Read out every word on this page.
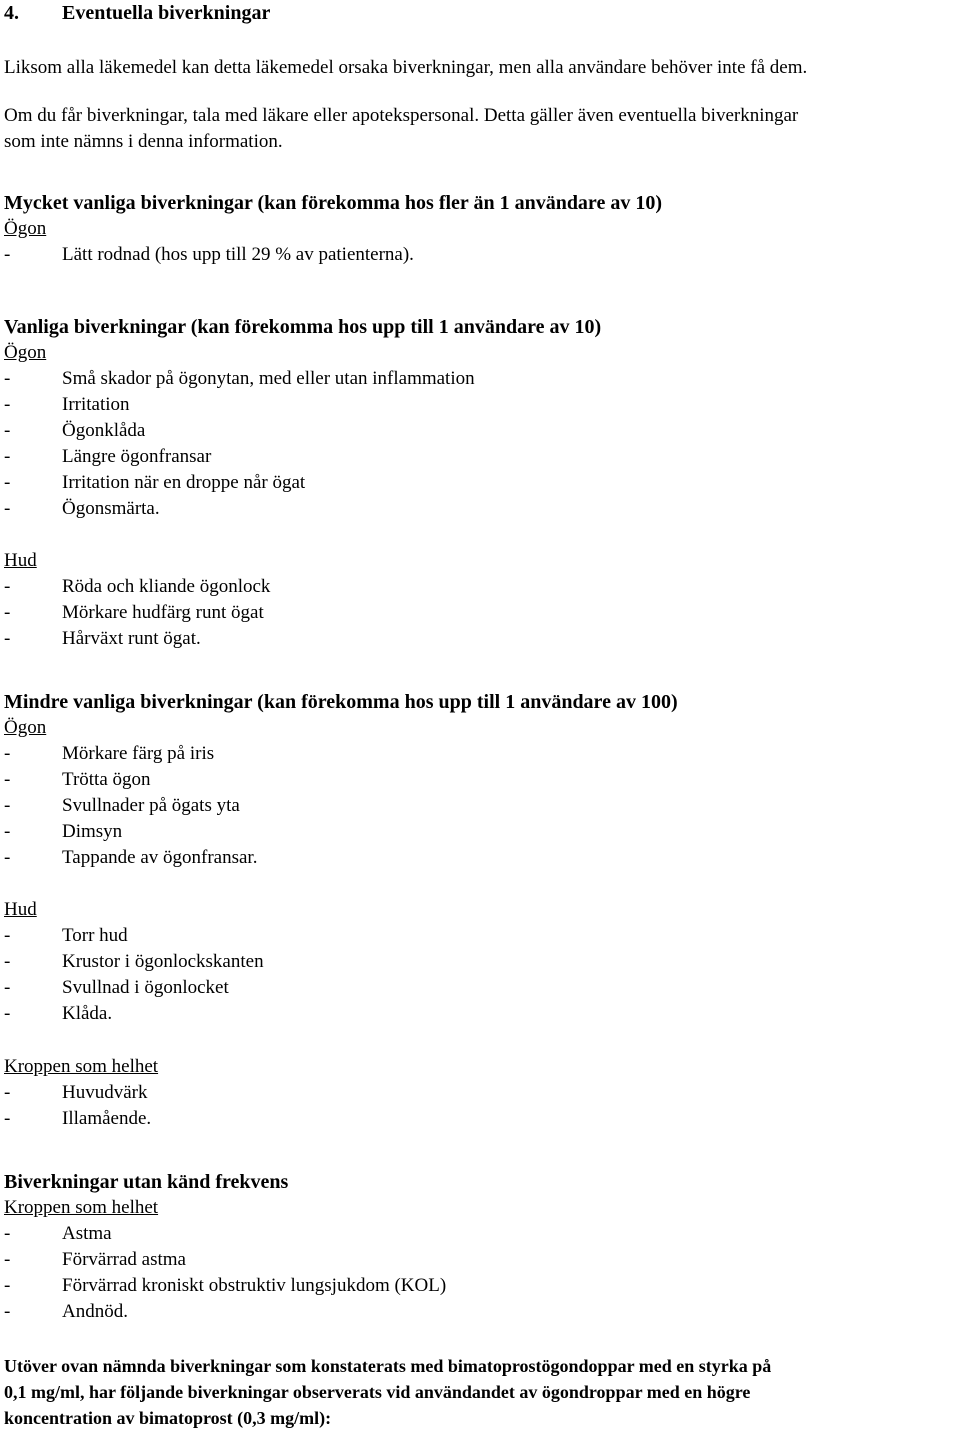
4. Eventuella biverkningar
Liksom alla läkemedel kan detta läkemedel orsaka biverkningar, men alla användare behöver inte få dem.
Om du får biverkningar, tala med läkare eller apotekspersonal. Detta gäller även eventuella biverkningar
som inte nämns i denna information.
Mycket vanliga biverkningar (kan förekomma hos fler än 1 användare av 10)
Ögon
-	Lätt rodnad (hos upp till 29 % av patienterna).
Vanliga biverkningar (kan förekomma hos upp till 1 användare av 10)
Ögon
-	Små skador på ögonytan, med eller utan inflammation
-	Irritation
-	Ögonklåda
-	Längre ögonfransar
-	Irritation när en droppe når ögat
-	Ögonsmärta.
Hud
-	Röda och kliande ögonlock
-	Mörkare hudfärg runt ögat
-	Hårväxt runt ögat.
Mindre vanliga biverkningar (kan förekomma hos upp till 1 användare av 100)
Ögon
-	Mörkare färg på iris
-	Trötta ögon
-	Svullnader på ögats yta
-	Dimsyn
-	Tappande av ögonfransar.
Hud
-	Torr hud
-	Krustor i ögonlockskanten
-	Svullnad i ögonlocket
-	Klåda.
Kroppen som helhet
-	Huvudvärk
-	Illamående.
Biverkningar utan känd frekvens
Kroppen som helhet
-	Astma
-	Förvärrad astma
-	Förvärrad kroniskt obstruktiv lungsjukdom (KOL)
-	Andnöd.
Utöver ovan nämnda biverkningar som konstaterats med bimatoprostögondoppar med en styrka på
0,1 mg/ml, har följande biverkningar observerats vid användandet av ögondroppar med en högre
koncentration av bimatoprost (0,3 mg/ml):
